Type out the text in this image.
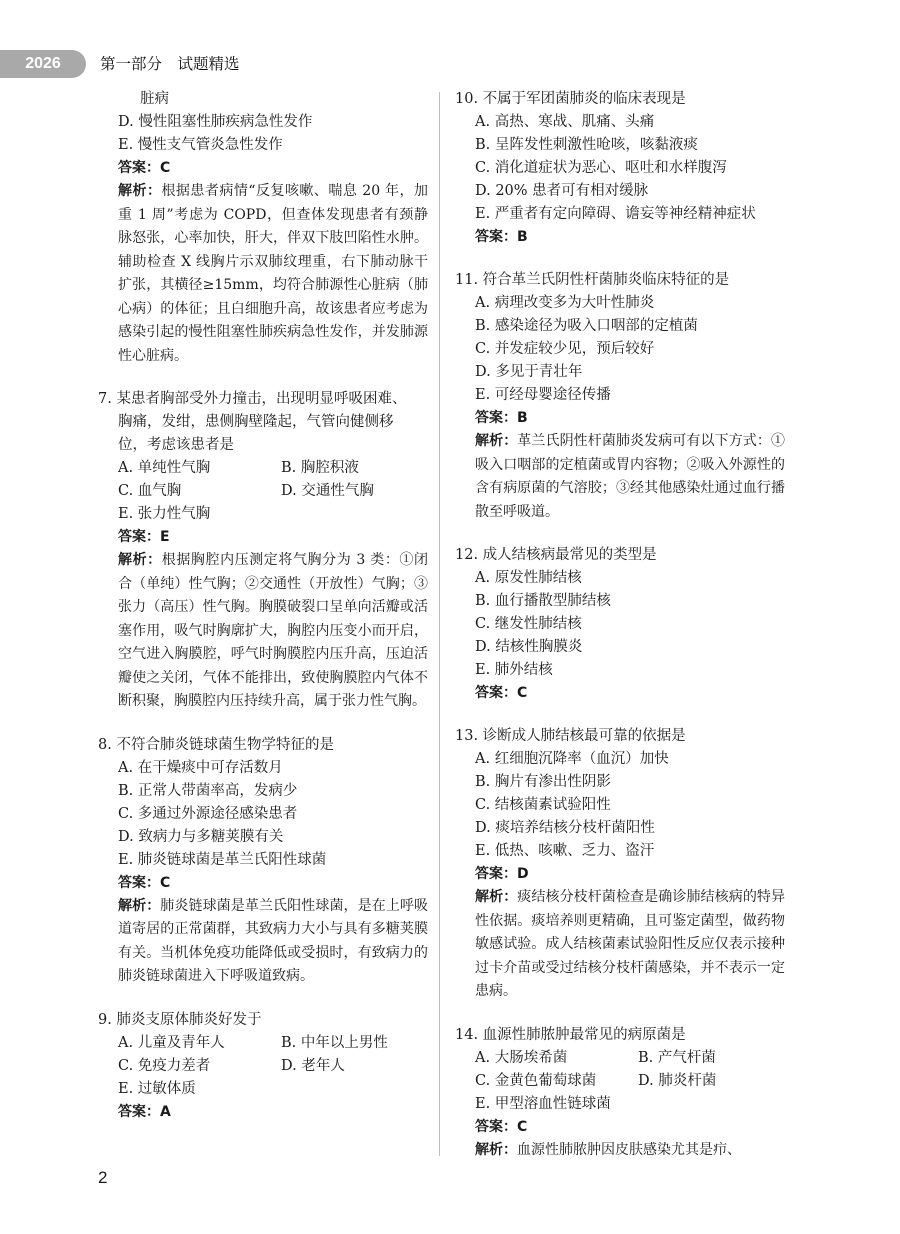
2026	第一部分　试题精选
脏病
D. 慢性阻塞性肺疾病急性发作
E. 慢性支气管炎急性发作
答案：C
解析：根据患者病情“反复咳嗽、喘息 20 年，加重 1 周”考虑为 COPD，但查体发现患者有颈静脉怒张，心率加快，肝大，伴双下肢凹陷性水肿。辅助检查 X 线胸片示双肺纹理重，右下肺动脉干扩张，其横径≥15mm，均符合肺源性心脏病（肺心病）的体征；且白细胞升高，故该患者应考虑为感染引起的慢性阻塞性肺疾病急性发作，并发肺源性心脏病。
7. 某患者胸部受外力撞击，出现明显呼吸困难、
胸痛，发绀，患侧胸壁隆起，气管向健侧移
位，考虑该患者是
A. 单纯性气胸	B. 胸腔积液
C. 血气胸	D. 交通性气胸
E. 张力性气胸
答案：E
解析：根据胸腔内压测定将气胸分为 3 类：①闭合（单纯）性气胸；②交通性（开放性）气胸；③张力（高压）性气胸。胸膜破裂口呈单向活瓣或活塞作用，吸气时胸廓扩大，胸腔内压变小而开启，空气进入胸膜腔，呼气时胸膜腔内压升高，压迫活瓣使之关闭，气体不能排出，致使胸膜腔内气体不断积聚，胸膜腔内压持续升高，属于张力性气胸。
8. 不符合肺炎链球菌生物学特征的是
A. 在干燥痰中可存活数月
B. 正常人带菌率高，发病少
C. 多通过外源途径感染患者
D. 致病力与多糖荚膜有关
E. 肺炎链球菌是革兰氏阳性球菌
答案：C
解析：肺炎链球菌是革兰氏阳性球菌，是在上呼吸道寄居的正常菌群，其致病力大小与具有多糖荚膜有关。当机体免疫功能降低或受损时，有致病力的肺炎链球菌进入下呼吸道致病。
9. 肺炎支原体肺炎好发于
A. 儿童及青年人	B. 中年以上男性
C. 免疫力差者	D. 老年人
E. 过敏体质
答案：A
10. 不属于军团菌肺炎的临床表现是
A. 高热、寒战、肌痛、头痛
B. 呈阵发性刺激性呛咳，咳黏液痰
C. 消化道症状为恶心、呕吐和水样腹泻
D. 20% 患者可有相对缓脉
E. 严重者有定向障碍、谵妄等神经精神症状
答案：B
11. 符合革兰氏阴性杆菌肺炎临床特征的是
A. 病理改变多为大叶性肺炎
B. 感染途径为吸入口咽部的定植菌
C. 并发症较少见，预后较好
D. 多见于青壮年
E. 可经母婴途径传播
答案：B
解析：革兰氏阴性杆菌肺炎发病可有以下方式：①吸入口咽部的定植菌或胃内容物；②吸入外源性的含有病原菌的气溶胶；③经其他感染灶通过血行播散至呼吸道。
12. 成人结核病最常见的类型是
A. 原发性肺结核
B. 血行播散型肺结核
C. 继发性肺结核
D. 结核性胸膜炎
E. 肺外结核
答案：C
13. 诊断成人肺结核最可靠的依据是
A. 红细胞沉降率（血沉）加快
B. 胸片有渗出性阴影
C. 结核菌素试验阳性
D. 痰培养结核分枝杆菌阳性
E. 低热、咳嗽、乏力、盗汗
答案：D
解析：痰结核分枝杆菌检查是确诊肺结核病的特异性依据。痰培养则更精确，且可鉴定菌型，做药物敏感试验。成人结核菌素试验阳性反应仅表示接种过卡介苗或受过结核分枝杆菌感染，并不表示一定患病。
14. 血源性肺脓肿最常见的病原菌是
A. 大肠埃希菌	B. 产气杆菌
C. 金黄色葡萄球菌	D. 肺炎杆菌
E. 甲型溶血性链球菌
答案：C
解析：血源性肺脓肿因皮肤感染尤其是疖、
2
